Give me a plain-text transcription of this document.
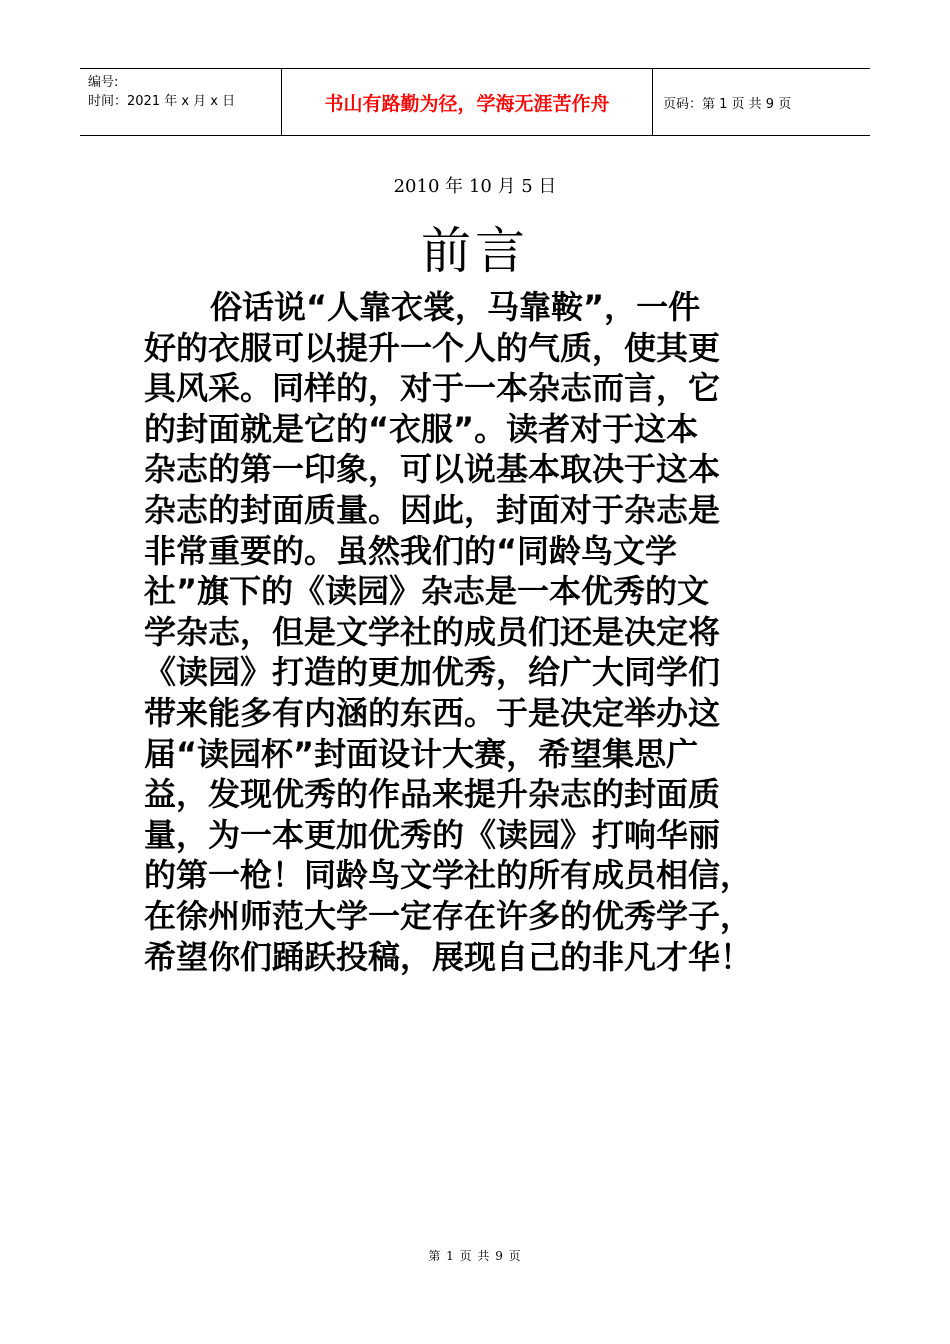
编号:
时间：2021 年 x 月 x 日	书山有路勤为径，学海无涯苦作舟	页码：第 1 页 共 9 页
2010 年 10 月 5 日
前言
俗话说“人靠衣裳，马靠鞍”，一件
好的衣服可以提升一个人的气质，使其更
具风采。同样的，对于一本杂志而言，它
的封面就是它的“衣服”。读者对于这本
杂志的第一印象，可以说基本取决于这本
杂志的封面质量。因此，封面对于杂志是
非常重要的。虽然我们的“同龄鸟文学
社”旗下的《读园》杂志是一本优秀的文
学杂志，但是文学社的成员们还是决定将
《读园》打造的更加优秀，给广大同学们
带来能多有内涵的东西。于是决定举办这
届“读园杯”封面设计大赛，希望集思广
益，发现优秀的作品来提升杂志的封面质
量，为一本更加优秀的《读园》打响华丽
的第一枪！同龄鸟文学社的所有成员相信，
在徐州师范大学一定存在许多的优秀学子，
希望你们踊跃投稿，展现自己的非凡才华！
第 1 页 共 9 页
